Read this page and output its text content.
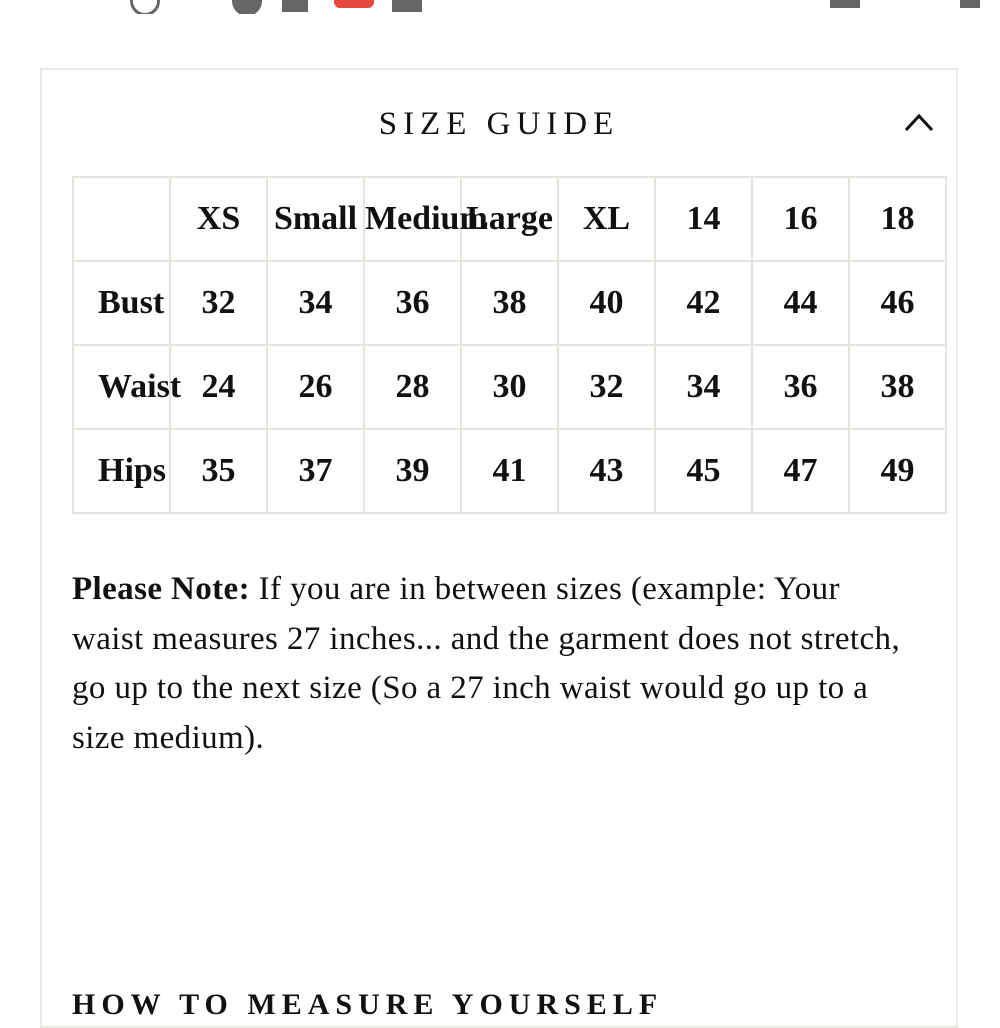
SIZE GUIDE
	XS	Small	Medium	Large	XL	14	16	18
Bust	32	34	36	38	40	42	44	46
Waist	24	26	28	30	32	34	36	38
Hips	35	37	39	41	43	45	47	49
Please Note: If you are in between sizes (example: Your waist measures 27 inches... and the garment does not stretch, go up to the next size (So a 27 inch waist would go up to a size medium).
HOW TO MEASURE YOURSELF
